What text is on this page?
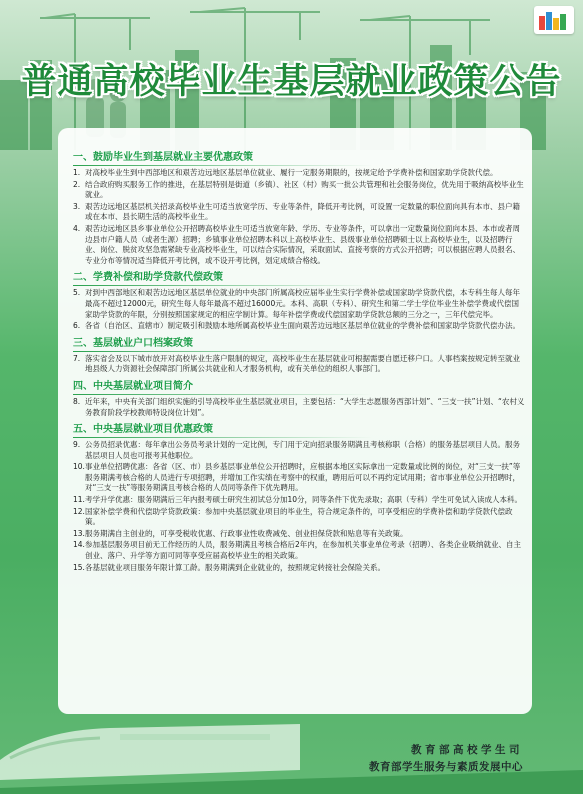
普通高校毕业生基层就业政策公告
一、鼓励毕业生到基层就业主要优惠政策
1. 对高校毕业生到中西部地区和艰苦边远地区基层单位就业、履行一定服务期限的，按规定给予学费补偿和国家助学贷款代偿。
2. 结合政府购买服务工作的推进，在基层特别是街道（乡镇）、社区（村）购买一批公共管理和社会服务岗位，优先用于吸纳高校毕业生就业。
3. 艰苦边远地区基层机关招录高校毕业生可适当放宽学历、专业等条件，降低开考比例，可设置一定数量的职位面向具有本市、县户籍或在本市、县长期生活的高校毕业生。
4. 艰苦边远地区县乡事业单位公开招聘高校毕业生可适当放宽年龄、学历、专业等条件，可以拿出一定数量岗位面向本县、本市或者周边县市户籍人员（或者生源）招聘；乡镇事业单位招聘本科以上高校毕业生、县级事业单位招聘硕士以上高校毕业生，以及招聘行业、岗位、脱贫攻坚急需紧缺专业高校毕业生，可以结合实际情况，采取面试、直接考察的方式公开招聘；可以根据应聘人员报名、专业分布等情况适当降低开考比例，或不设开考比例，划定成绩合格线。
二、学费补偿和助学贷款代偿政策
5. 对到中西部地区和艰苦边远地区基层单位就业的中央部门所属高校应届毕业生实行学费补偿或国家助学贷款代偿，本专科生每人每年最高不超过12000元，研究生每人每年最高不超过16000元。本科、高职（专科）、研究生和第二学士学位毕业生补偿学费或代偿国家助学贷款的年限，分别按照国家规定的相应学制计算。每年补偿学费或代偿国家助学贷款总额的三分之一，三年代偿完毕。
6. 各省（自治区、直辖市）制定吸引和鼓励本地所属高校毕业生面向艰苦边远地区基层单位就业的学费补偿和国家助学贷款代偿办法。
三、基层就业户口档案政策
7. 落实省会及以下城市放开对高校毕业生落户限制的规定，高校毕业生在基层就业可根据需要自愿迁移户口。人事档案按规定转至就业地县级人力资源社会保障部门所属公共就业和人才服务机构，或有关单位的组织人事部门。
四、中央基层就业项目简介
8. 近年来，中央有关部门组织实施的引导高校毕业生基层就业项目，主要包括：“大学生志愿服务西部计划”、“三支一扶”计划、“农村义务教育阶段学校教师特设岗位计划”。
五、中央基层就业项目优惠政策
9. 公务员招录优惠：每年拿出公务员考录计划的一定比例，专门用于定向招录服务期满且考核称职（合格）的服务基层项目人员。服务基层项目人员也可报考其他职位。
10. 事业单位招聘优惠：各省（区、市）县乡基层事业单位公开招聘时，应根据本地区实际拿出一定数量或比例的岗位，对“三支一扶”等服务期满考核合格的人员进行专项招聘，并增加工作实绩在考察中的权重，聘用后可以不再约定试用期；省市事业单位公开招聘时，对“三支一扶”等服务期满且考核合格的人员同等条件下优先聘用。
11. 考学升学优惠：服务期满后三年内报考硕士研究生初试总分加10分，同等条件下优先录取；高职（专科）学生可免试入读成人本科。
12. 国家补偿学费和代偿助学贷款政策：参加中央基层就业项目的毕业生，符合规定条件的，可享受相应的学费补偿和助学贷款代偿政策。
13. 服务期满自主创业的，可享受税收优惠、行政事业性收费减免、创业担保贷款和贴息等有关政策。
14. 参加基层服务项目前无工作经历的人员，服务期满且考核合格后2年内，在参加机关事业单位考录（招聘）、各类企业吸纳就业、自主创业、落户、升学等方面可同等享受应届高校毕业生的相关政策。
15. 各基层就业项目服务年限计算工龄。服务期满到企业就业的，按照规定转接社会保险关系。
教育部高校学生司
教育部学生服务与素质发展中心
